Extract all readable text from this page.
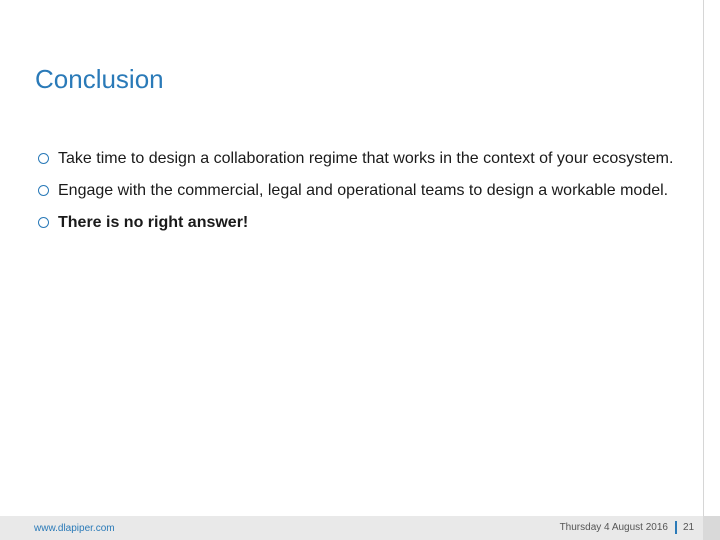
Conclusion
Take time to design a collaboration regime that works in the context of your ecosystem.
Engage with the commercial, legal and operational teams to design a workable model.
There is no right answer!
www.dlapiper.com	Thursday 4 August 2016 21
